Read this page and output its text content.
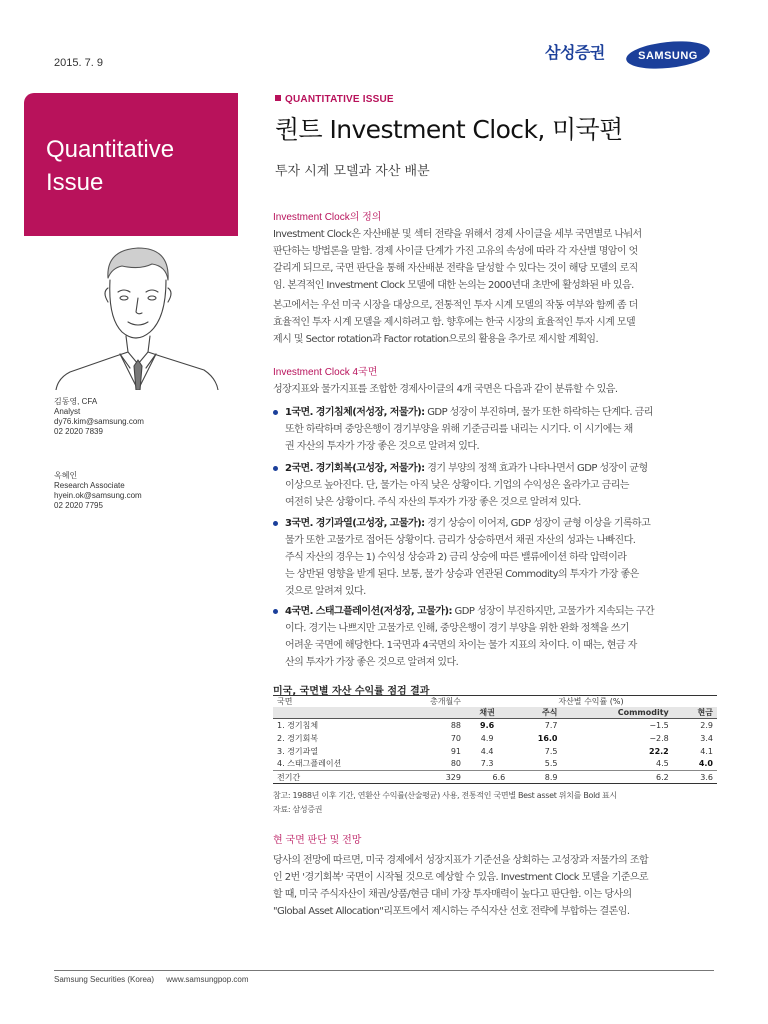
2015. 7. 9
삼성증권	SAMSUNG
Quantitative
Issue
QUANTITATIVE ISSUE
퀀트 Investment Clock, 미국편
투자 시계 모델과 자산 배분
Investment Clock의 정의
Investment Clock은 자산배분 및 섹터 전략을 위해서 경제 사이클을 세부 국면별로 나눠서
판단하는 방법론을 말함. 경제 사이클 단계가 가진 고유의 속성에 따라 각 자산별 명암이 엇
갈리게 되므로, 국면 판단을 통해 자산배분 전략을 달성할 수 있다는 것이 해당 모델의 로직
임. 본격적인 Investment Clock 모델에 대한 논의는 2000년대 초반에 활성화된 바 있음.
본고에서는 우선 미국 시장을 대상으로, 전통적인 투자 시계 모델의 작동 여부와 함께 좀 더
효율적인 투자 시계 모델을 제시하려고 함. 향후에는 한국 시장의 효율적인 투자 시계 모델
제시 및 Sector rotation과 Factor rotation으로의 활용을 추가로 제시할 계획임.
김동영, CFA
Analyst
dy76.kim@samsung.com
02 2020 7839
옥혜인
Research Associate
hyein.ok@samsung.com
02 2020 7795
Investment Clock 4국면
성장지표와 물가지표를 조합한 경제사이클의 4개 국면은 다음과 같이 분류할 수 있음.
1국면. 경기침체(저성장, 저물가): GDP 성장이 부진하며, 물가 또한 하락하는 단계다. 금리
또한 하락하며 중앙은행이 경기부양을 위해 기준금리를 내리는 시기다. 이 시기에는 채
권 자산의 투자가 가장 좋은 것으로 알려져 있다.
2국면. 경기회복(고성장, 저물가): 경기 부양의 정책 효과가 나타나면서 GDP 성장이 균형
이상으로 높아진다. 단, 물가는 아직 낮은 상황이다. 기업의 수익성은 올라가고 금리는
여전히 낮은 상황이다. 주식 자산의 투자가 가장 좋은 것으로 알려져 있다.
3국면. 경기과열(고성장, 고물가): 경기 상승이 이어져, GDP 성장이 균형 이상을 기록하고
물가 또한 고물가로 접어든 상황이다. 금리가 상승하면서 채권 자산의 성과는 나빠진다.
주식 자산의 경우는 1) 수익성 상승과 2) 금리 상승에 따른 밸류에이션 하락 압력이라
는 상반된 영향을 받게 된다. 보통, 물가 상승과 연관된 Commodity의 투자가 가장 좋은
것으로 알려져 있다.
4국면. 스태그플레이션(저성장, 고물가): GDP 성장이 부진하지만, 고물가가 지속되는 구간
이다. 경기는 나쁘지만 고물가로 인해, 중앙은행이 경기 부양을 위한 완화 정책을 쓰기
어려운 국면에 해당한다. 1국면과 4국면의 차이는 물가 지표의 차이다. 이 때는, 현금 자
산의 투자가 가장 좋은 것으로 알려져 있다.
미국, 국면별 자산 수익률 점검 결과
국면	총개월수	자산별 수익률 (%)			
		채권	주식	Commodity	현금
1. 경기침체	88	9.6	7.7	−1.5	2.9
2. 경기회복	70	4.9	16.0	−2.8	3.4
3. 경기과열	91	4.4	7.5	22.2	4.1
4. 스태그플레이션	80	7.3	5.5	4.5	4.0
전기간	329	6.6	8.9	6.2	3.6
참고: 1988년 이후 기간, 연환산 수익률(산술평균) 사용, 전통적인 국면별 Best asset 위치를 Bold 표시
자료: 삼성증권
현 국면 판단 및 전망
당사의 전망에 따르면, 미국 경제에서 성장지표가 기준선을 상회하는 고성장과 저물가의 조합
인 2번 '경기회복' 국면이 시작될 것으로 예상할 수 있음. Investment Clock 모델을 기준으로
할 때, 미국 주식자산이 채권/상품/현금 대비 가장 투자매력이 높다고 판단함. 이는 당사의
"Global Asset Allocation"리포트에서 제시하는 주식자산 선호 전략에 부합하는 결론임.
Samsung Securities (Korea) www.samsungpop.com
